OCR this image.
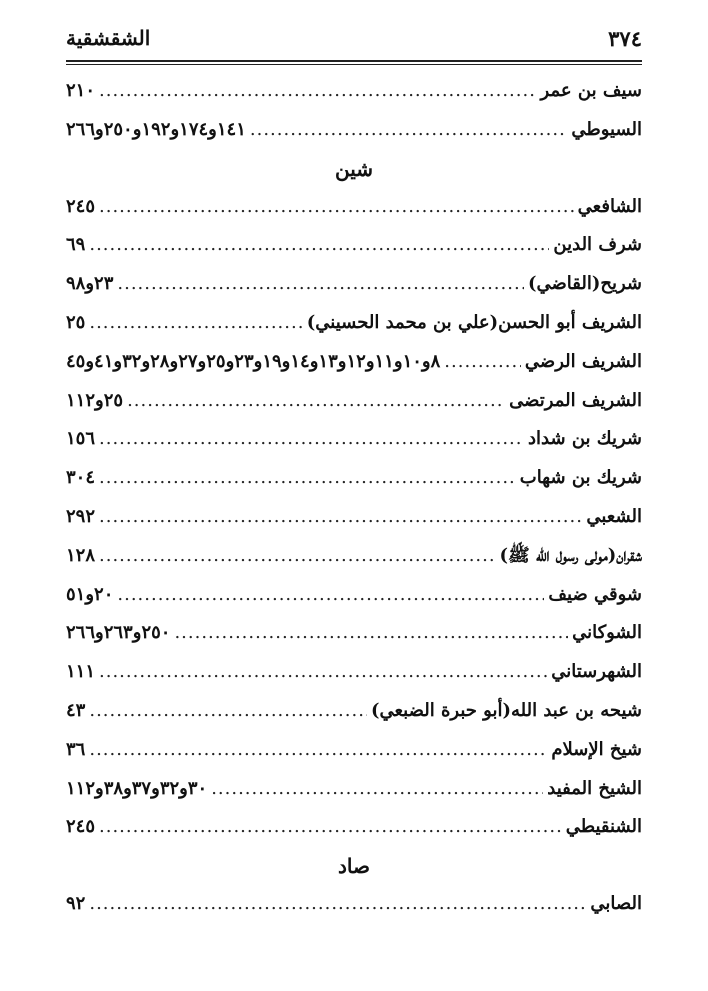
٣٧٤
الشقشقية
سيف بن عمر
.....
٢١٠
السيوطي
.....
١٤١و١٧٤و١٩٢و٢٥٠و٢٦٦
شين
الشافعي
.....
٢٤٥
شرف الدين
.....
٦٩
شريح(القاضي)
.....
٢٣و٩٨
الشريف أبو الحسن(علي بن محمد الحسيني)
.....
٢٥
الشريف الرضي
.....
٨و١٠و١١و١٢و١٣و١٤و١٩و٢٣و٢٥و٢٧و٢٨و٣٢و٤١و٤٥
الشريف المرتضى
.....
٢٥و١١٢
شريك بن شداد
.....
١٥٦
شريك بن شهاب
.....
٣٠٤
الشعبي
.....
٢٩٢
شقران(مولى رسول الله ﷺ)
.....
١٢٨
شوقي ضيف
.....
٢٠و٥١
الشوكاني
.....
٢٥٠و٢٦٣و٢٦٦
الشهرستاني
.....
١١١
شيحه بن عبد الله(أبو حبرة الضبعي)
.....
٤٣
شيخ الإسلام
.....
٣٦
الشيخ المفيد
.....
٣٠و٣٢و٣٧و٣٨و١١٢
الشنقيطي
.....
٢٤٥
صاد
الصابي
.....
٩٢
